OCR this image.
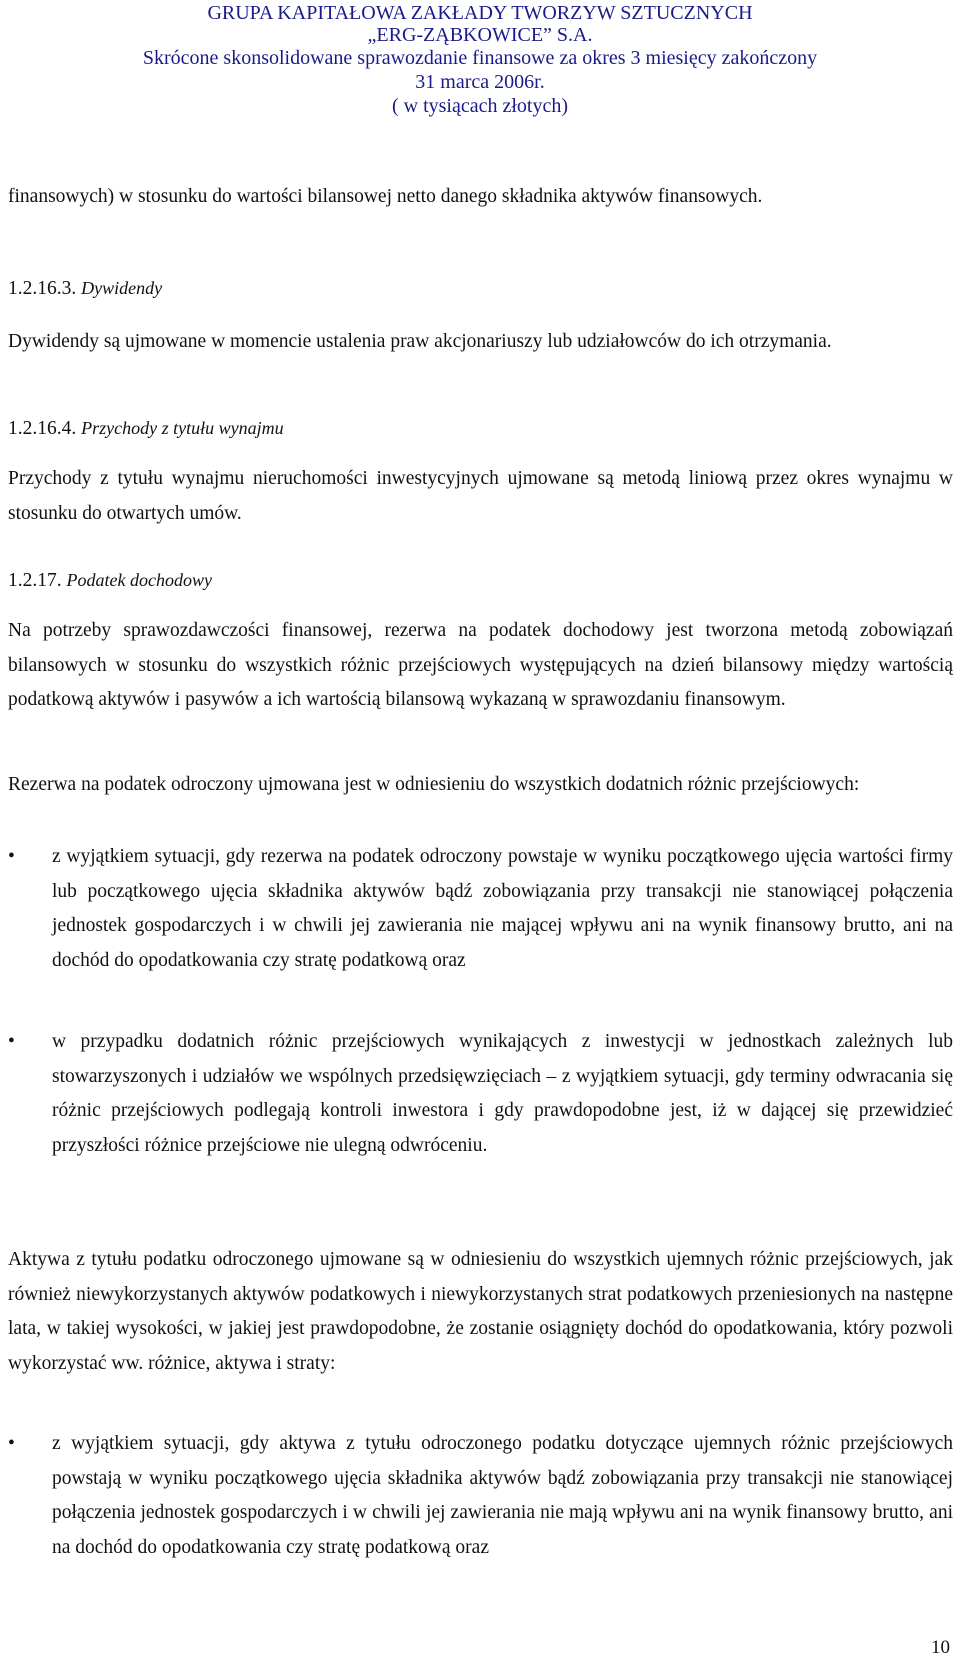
GRUPA KAPITAŁOWA ZAKŁADY TWORZYW SZTUCZNYCH
„ERG-ZĄBKOWICE” S.A.
Skrócone skonsolidowane sprawozdanie finansowe za okres 3 miesięcy zakończony
31 marca 2006r.
( w tysiącach złotych)
finansowych) w stosunku do wartości bilansowej netto danego składnika aktywów finansowych.
1.2.16.3. Dywidendy
Dywidendy są ujmowane w momencie ustalenia praw akcjonariuszy lub udziałowców do ich otrzymania.
1.2.16.4. Przychody z tytułu wynajmu
Przychody z tytułu wynajmu nieruchomości inwestycyjnych ujmowane są metodą liniową przez okres wynajmu w stosunku do otwartych umów.
1.2.17. Podatek dochodowy
Na potrzeby sprawozdawczości finansowej, rezerwa na podatek dochodowy jest tworzona metodą zobowiązań bilansowych w stosunku do wszystkich różnic przejściowych występujących na dzień bilansowy między wartością podatkową aktywów i pasywów a ich wartością bilansową wykazaną w sprawozdaniu finansowym.
Rezerwa na podatek odroczony ujmowana jest w odniesieniu do wszystkich dodatnich różnic przejściowych:
• z wyjątkiem sytuacji, gdy rezerwa na podatek odroczony powstaje w wyniku początkowego ujęcia wartości firmy lub początkowego ujęcia składnika aktywów bądź zobowiązania przy transakcji nie stanowiącej połączenia jednostek gospodarczych i w chwili jej zawierania nie mającej wpływu ani na wynik finansowy brutto, ani na dochód do opodatkowania czy stratę podatkową oraz
• w przypadku dodatnich różnic przejściowych wynikających z inwestycji w jednostkach zależnych lub stowarzyszonych i udziałów we wspólnych przedsięwzięciach – z wyjątkiem sytuacji, gdy terminy odwracania się różnic przejściowych podlegają kontroli inwestora i gdy prawdopodobne jest, iż w dającej się przewidzieć przyszłości różnice przejściowe nie ulegną odwróceniu.
Aktywa z tytułu podatku odroczonego ujmowane są w odniesieniu do wszystkich ujemnych różnic przejściowych, jak również niewykorzystanych aktywów podatkowych i niewykorzystanych strat podatkowych przeniesionych na następne lata, w takiej wysokości, w jakiej jest prawdopodobne, że zostanie osiągnięty dochód do opodatkowania, który pozwoli wykorzystać ww. różnice, aktywa i straty:
• z wyjątkiem sytuacji, gdy aktywa z tytułu odroczonego podatku dotyczące ujemnych różnic przejściowych powstają w wyniku początkowego ujęcia składnika aktywów bądź zobowiązania przy transakcji nie stanowiącej połączenia jednostek gospodarczych i w chwili jej zawierania nie mają wpływu ani na wynik finansowy brutto, ani na dochód do opodatkowania czy stratę podatkową oraz
10
